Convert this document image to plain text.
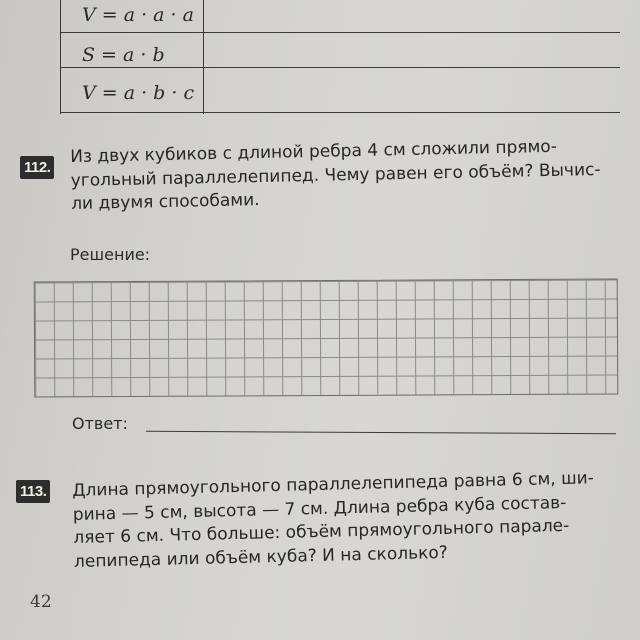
V = a · a · a
S = a · b
V = a · b · c
112.
Из двух кубиков с длиной ребра 4 см сложили прямо-
угольный параллелепипед. Чему равен его объём? Вычис-
ли двумя способами.
Решение:
Ответ:
113. Длина прямоугольного параллелепипеда равна 6 см, ши-
рина — 5 см, высота — 7 см. Длина ребра куба состав-
ляет 6 см. Что больше: объём прямоугольного парале-
лепипеда или объём куба? И на сколько?
42
